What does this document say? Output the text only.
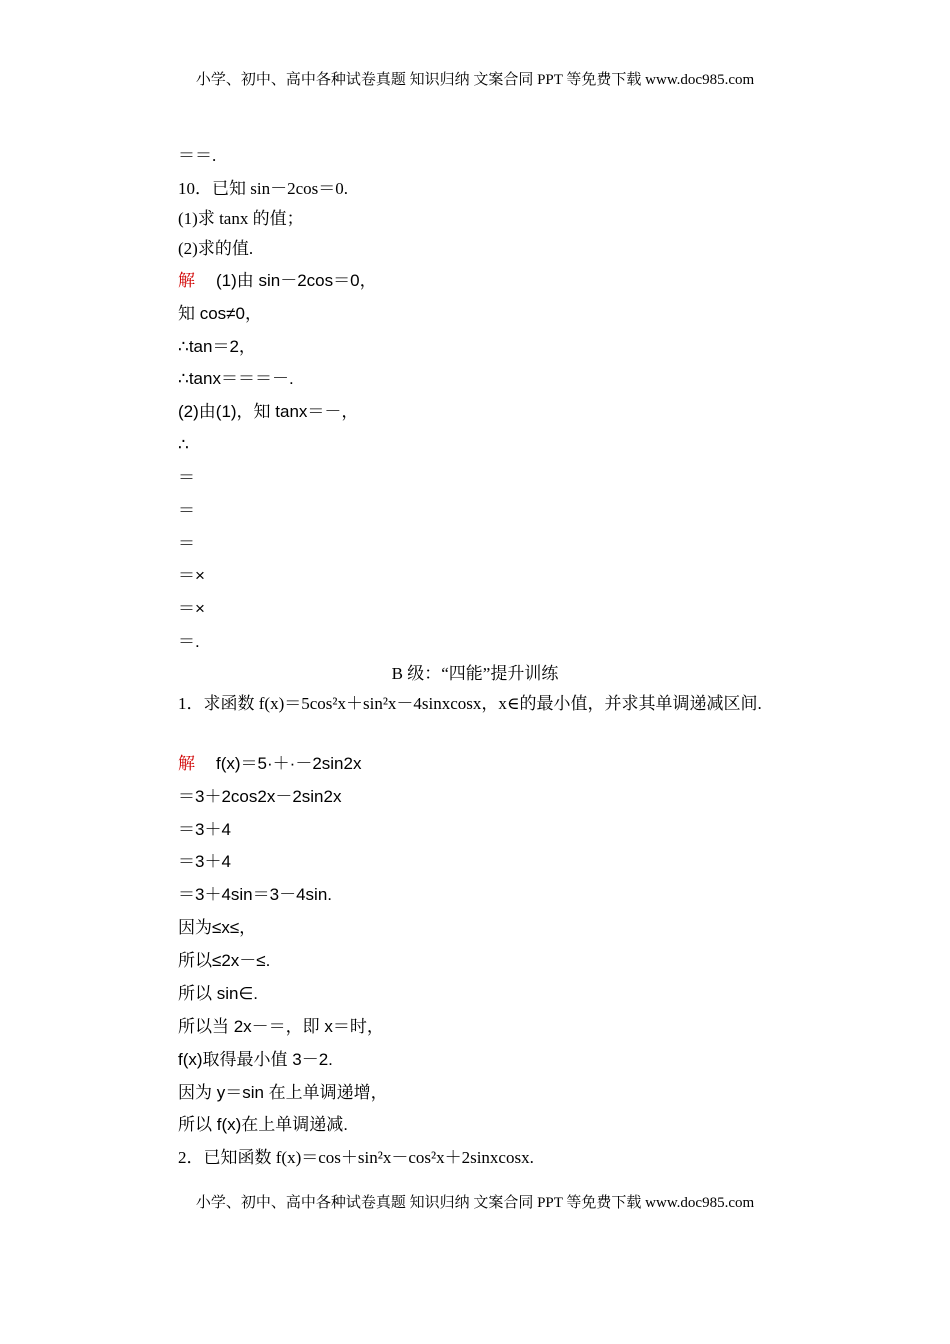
小学、初中、高中各种试卷真题 知识归纳 文案合同 PPT 等免费下载 www.doc985.com
＝＝.
10．已知 sin－2cos＝0.
(1)求 tanx 的值；
(2)求的值.
解 (1)由 sin－2cos＝0，
知 cos≠0，
∴tan＝2，
∴tanx＝＝＝－.
(2)由(1)，知 tanx＝－，
∴
＝
＝
＝
＝×
＝×
＝.
B 级：“四能”提升训练
1．求函数 f(x)＝5cos²x＋sin²x－4sinxcosx，x∈的最小值，并求其单调递减区间.
解 f(x)＝5·＋·－2sin2x
＝3＋2cos2x－2sin2x
＝3＋4
＝3＋4
＝3＋4sin＝3－4sin.
因为≤x≤，
所以≤2x－≤.
所以 sin∈.
所以当 2x－＝，即 x＝时，
f(x)取得最小值 3－2.
因为 y＝sin 在上单调递增，
所以 f(x)在上单调递减.
2．已知函数 f(x)＝cos＋sin²x－cos²x＋2sinxcosx.
小学、初中、高中各种试卷真题 知识归纳 文案合同 PPT 等免费下载 www.doc985.com
